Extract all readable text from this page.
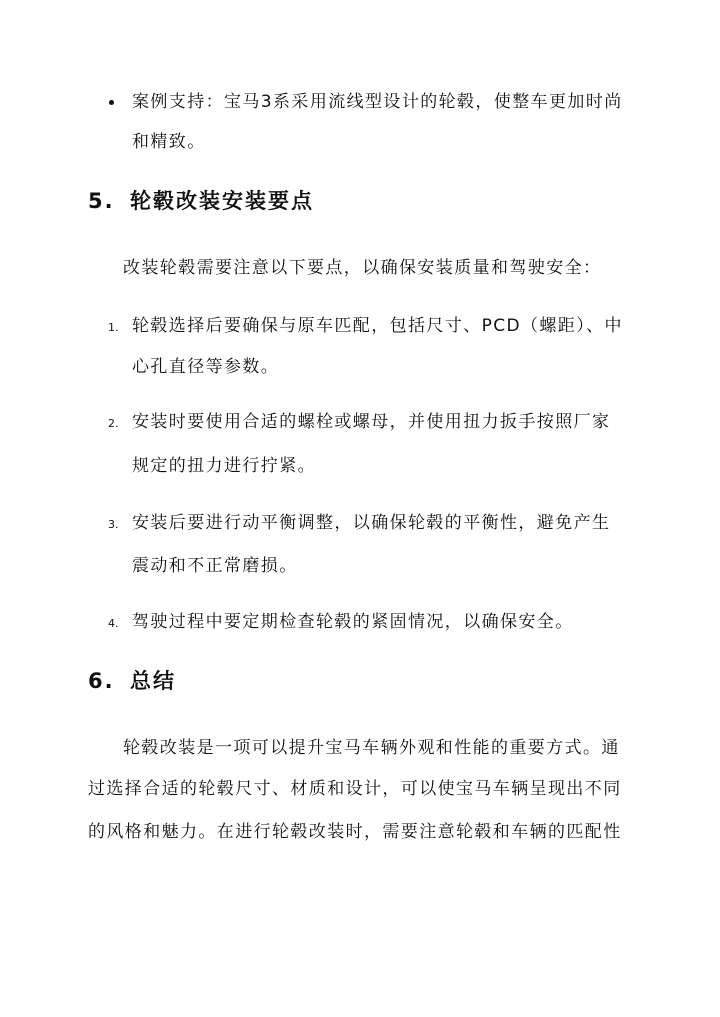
案例支持：宝马3系采用流线型设计的轮毂，使整车更加时尚
和精致。
5. 轮毂改装安装要点
改装轮毂需要注意以下要点，以确保安装质量和驾驶安全：
1. 轮毂选择后要确保与原车匹配，包括尺寸、PCD（螺距）、中
心孔直径等参数。
2. 安装时要使用合适的螺栓或螺母，并使用扭力扳手按照厂家
规定的扭力进行拧紧。
3. 安装后要进行动平衡调整，以确保轮毂的平衡性，避免产生
震动和不正常磨损。
4. 驾驶过程中要定期检查轮毂的紧固情况，以确保安全。
6. 总结
轮毂改装是一项可以提升宝马车辆外观和性能的重要方式。通
过选择合适的轮毂尺寸、材质和设计，可以使宝马车辆呈现出不同
的风格和魅力。在进行轮毂改装时，需要注意轮毂和车辆的匹配性
